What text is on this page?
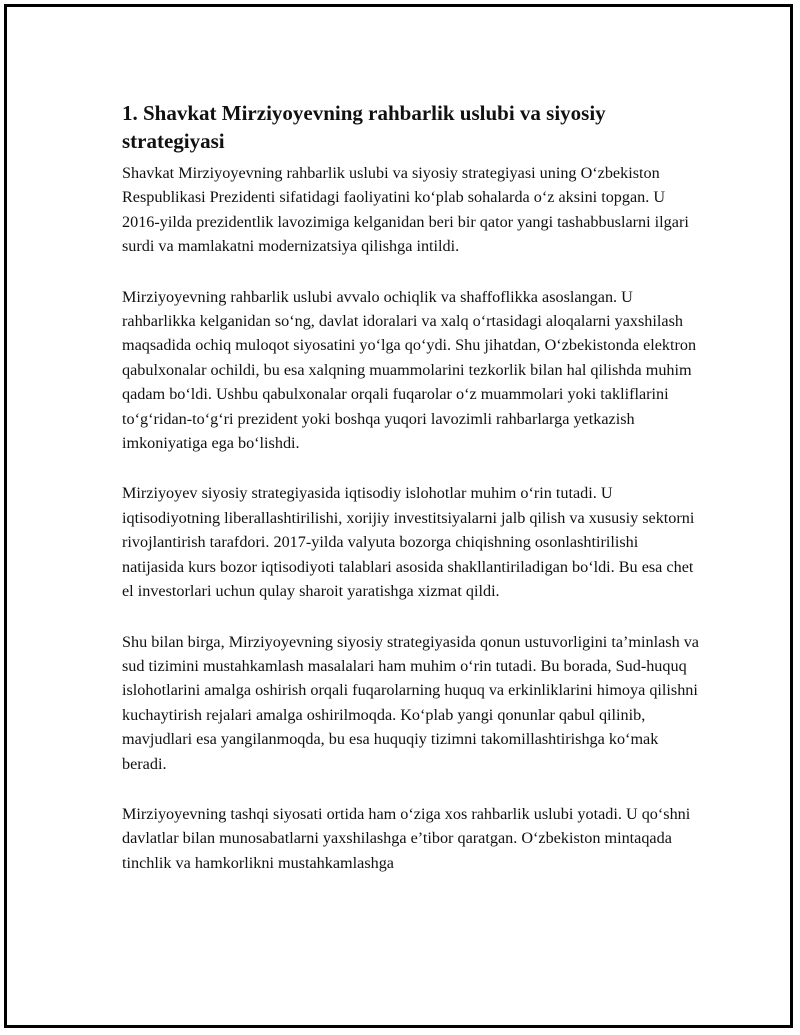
1. Shavkat Mirziyoyevning rahbarlik uslubi va siyosiy strategiyasi

Shavkat Mirziyoyevning rahbarlik uslubi va siyosiy strategiyasi uning O‘zbekiston Respublikasi Prezidenti sifatidagi faoliyatini ko‘plab sohalarda o‘z aksini topgan. U 2016-yilda prezidentlik lavozimiga kelganidan beri bir qator yangi tashabbuslarni ilgari surdi va mamlakatni modernizatsiya qilishga intildi.

Mirziyoyevning rahbarlik uslubi avvalo ochiqlik va shaffoflikka asoslangan. U rahbarlikka kelganidan so‘ng, davlat idoralari va xalq o‘rtasidagi aloqalarni yaxshilash maqsadida ochiq muloqot siyosatini yo‘lga qo‘ydi. Shu jihatdan, O‘zbekistonda elektron qabulxonalar ochildi, bu esa xalqning muammolarini tezkorlik bilan hal qilishda muhim qadam bo‘ldi. Ushbu qabulxonalar orqali fuqarolar o‘z muammolari yoki takliflarini to‘g‘ridan-to‘g‘ri prezident yoki boshqa yuqori lavozimli rahbarlarga yetkazish imkoniyatiga ega bo‘lishdi.

Mirziyoyev siyosiy strategiyasida iqtisodiy islohotlar muhim o‘rin tutadi. U iqtisodiyotning liberallashtirilishi, xorijiy investitsiyalarni jalb qilish va xususiy sektorni rivojlantirish tarafdori. 2017-yilda valyuta bozorga chiqishning osonlashtirilishi natijasida kurs bozor iqtisodiyoti talablari asosida shakllantiriladigan bo‘ldi. Bu esa chet el investorlari uchun qulay sharoit yaratishga xizmat qildi.

Shu bilan birga, Mirziyoyevning siyosiy strategiyasida qonun ustuvorligini ta’minlash va sud tizimini mustahkamlash masalalari ham muhim o‘rin tutadi. Bu borada, Sud-huquq islohotlarini amalga oshirish orqali fuqarolarning huquq va erkinliklarini himoya qilishni kuchaytirish rejalari amalga oshirilmoqda. Ko‘plab yangi qonunlar qabul qilinib, mavjudlari esa yangilanmoqda, bu esa huquqiy tizimni takomillashtirishga ko‘mak beradi.

Mirziyoyevning tashqi siyosati ortida ham o‘ziga xos rahbarlik uslubi yotadi. U qo‘shni davlatlar bilan munosabatlarni yaxshilashga e’tibor qaratgan. O‘zbekiston mintaqada tinchlik va hamkorlikni mustahkamlashga
